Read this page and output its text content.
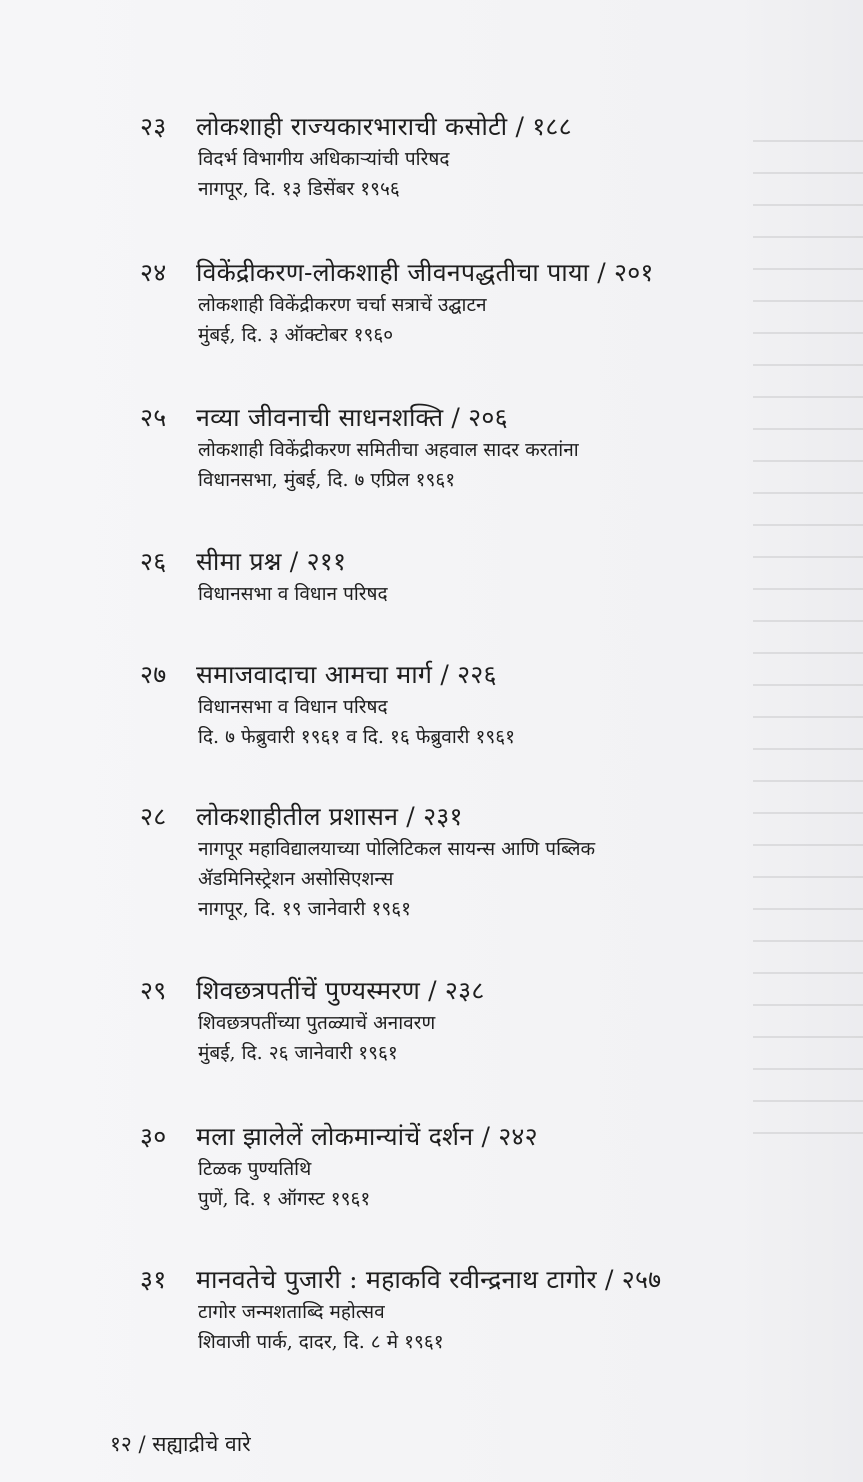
२३ लोकशाही राज्यकारभाराची कसोटी / १८८
विदर्भ विभागीय अधिकाऱ्यांची परिषद
नागपूर, दि. १३ डिसेंबर १९५६
२४ विकेंद्रीकरण-लोकशाही जीवनपद्धतीचा पाया / २०१
लोकशाही विकेंद्रीकरण चर्चा सत्राचें उद्घाटन
मुंबई, दि. ३ ऑक्टोबर १९६०
२५ नव्या जीवनाची साधनशक्ति / २०६
लोकशाही विकेंद्रीकरण समितीचा अहवाल सादर करतांना
विधानसभा, मुंबई, दि. ७ एप्रिल १९६१
२६ सीमा प्रश्न / २११
विधानसभा व विधान परिषद
२७ समाजवादाचा आमचा मार्ग / २२६
विधानसभा व विधान परिषद
दि. ७ फेब्रुवारी १९६१ व दि. १६ फेब्रुवारी १९६१
२८ लोकशाहीतील प्रशासन / २३१
नागपूर महाविद्यालयाच्या पोलिटिकल सायन्स आणि पब्लिक
ॲडमिनिस्ट्रेशन असोसिएशन्स
नागपूर, दि. १९ जानेवारी १९६१
२९ शिवछत्रपतींचें पुण्यस्मरण / २३८
शिवछत्रपतींच्या पुतळ्याचें अनावरण
मुंबई, दि. २६ जानेवारी १९६१
३० मला झालेलें लोकमान्यांचें दर्शन / २४२
टिळक पुण्यतिथि
पुणें, दि. १ ऑगस्ट १९६१
३१ मानवतेचे पुजारी : महाकवि रवीन्द्रनाथ टागोर / २५७
टागोर जन्मशताब्दि महोत्सव
शिवाजी पार्क, दादर, दि. ८ मे १९६१
१२ / सह्याद्रीचे वारे
